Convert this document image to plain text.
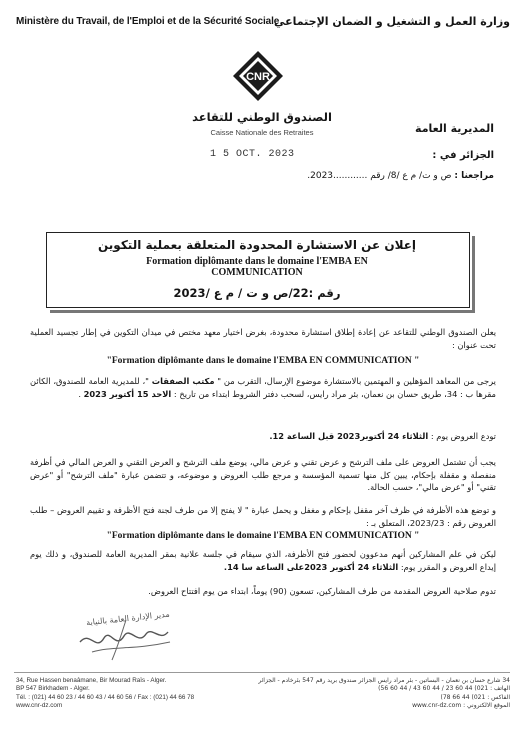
Ministère du Travail, de l'Emploi et de la Sécurité Sociale
وزارة العمل و التشغيل و الضمان الإجتماعي
CNR
الصندوق الوطني للتقاعد
Caisse Nationale des Retraites	المديرية العامة
الجزائر في :
1 5 OCT. 2023
مراجعنا : ص و ت/ م ع /8/ رقم ............2023.
إعلان عن الاستشارة المحدودة المتعلقة بعملية التكوين
Formation diplômante dans le domaine l'EMBA EN
COMMUNICATION
رقم :22/ص و ت / م ع /2023
يعلن الصندوق الوطني للتقاعد عن إعادة إطلاق استشارة محدودة، بغرض اختيار معهد مختص في ميدان التكوين في إطار تجسيد العملية تحت عنوان :
"Formation diplômante dans le domaine l'EMBA EN COMMUNICATION "
يرجى من المعاهد المؤهلين و المهتمين بالاستشارة موضوع الإرسال، التقرب من " مكتب الصفقات "، للمديرية العامة للصندوق، الكائن مقرها ب : 34، طريق حسان بن نعمان، بئر مراد رايس، لسحب دفتر الشروط ابتداء من تاريخ : الاحد 15 أكتوبر 2023 .
تودع العروض يوم : الثلاثاء 24 أكتوبر2023 قبل الساعة 12.
يجب أن تشتمل العروض على ملف الترشح و عرض تقني و عرض مالي، يوضع ملف الترشح و العرض التقني و العرض المالي في أظرفة منفصلة و مقفلة بإحكام، يبين كل منها تسمية المؤسسة و مرجع طلب العروض و موضوعه، و تتضمن عبارة "ملف الترشح" أو "عرض تقني" أو "عرض مالي"، حسب الحالة.
و توضع هذه الأظرفة في ظرف آخر مقفل بإحكام و مغفل و يحمل عبارة " لا يفتح إلا من طرف لجنة فتح الأظرفة و تقييم العروض – طلب العروض رقم : 2023/23، المتعلق بـ :
"Formation diplômante dans le domaine l'EMBA EN COMMUNICATION "
ليكن في علم المشاركين أنهم مدعوون لحضور فتح الأظرفة، الذي سيقام في جلسة علانية بمقر المديرية العامة للصندوق، و ذلك يوم إيداع العروض و المقرر يوم: الثلاثاء 24 أكتوبر 2023على الساعة سا 14.
تدوم صلاحية العروض المقدمة من طرف المشاركين، تسعون (90) يوماً، ابتداء من يوم افتتاح العروض.
مدير الإدارة العامة بالنيابة
34, Rue Hassen benaâmane, Bir Mourad Raïs - Alger.
BP 547 Birkhadem - Alger.
Tél. : (021) 44 60 23 / 44 60 43 / 44 60 56 / Fax : (021) 44 66 78
www.cnr-dz.com
34 شارع حسان بن نعمان - البساتين - بئر مراد رايس الجزائر صندوق بريد رقم 547 بئرخادم - الجزائر
الهاتف : 021) 44 60 23 / 44 60 43 / 44 60 56)
الفاكس : 021) 44 66 78)
الموقع الالكتروني : www.cnr-dz.com
